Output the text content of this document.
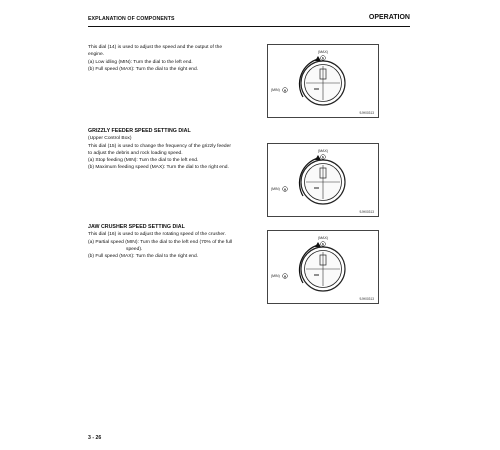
EXPLANATION OF COMPONENTS	OPERATION

This dial (14) is used to adjust the speed and the output of the

engine.

(a) Low idling (MIN): Turn the dial to the left end.

(b) Full speed (MAX): Turn the dial to the right end.

(MAX)
b
(MIN) a
9JH00313

GRIZZLY FEEDER SPEED SETTING DIAL

(Upper Control Box)

This dial (15) is used to change the frequency of the grizzly feeder

to adjust the debris and rock loading speed.

(a) Stop feeding (MIN): Turn the dial to the left end.

(b) Maximum feeding speed (MAX): Turn the dial to the right end.

(MAX)
b
(MIN) a
9JH00313

JAW CRUSHER SPEED SETTING DIAL

This dial (16) is used to adjust the rotating speed of the crusher.

(a) Partial speed (MIN): Turn the dial to the left end (70% of the full

speed).

(b) Full speed (MAX): Turn the dial to the right end.

(MAX)
b
(MIN) a
9JH00313
3 - 26
